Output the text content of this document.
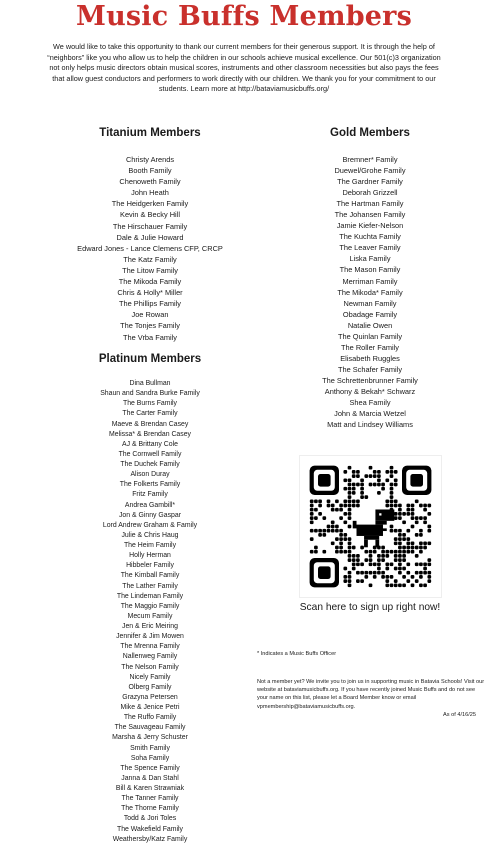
Music Buffs Members
We would like to take this opportunity to thank our current members for their generous support. It is through the help of “neighbors” like you who allow us to help the children in our schools achieve musical excellence. Our 501(c)3 organization not only helps music directors obtain musical scores, instruments and other classroom necessities but also pays the fees that allow guest conductors and performers to work directly with our children. We thank you for your commitment to our students. Learn more at http://bataviamusicbuffs.org/
Titanium Members
Christy Arends
Booth Family
Chenoweth Family
John Heath
The Heidgerken Family
Kevin & Becky Hill
The Hirschauer Family
Dale & Julie Howard
Edward Jones - Lance Clemens CFP, CRCP
The Katz Family
The Litow Family
The Mikoda Family
Chris & Holly* Miller
The Phillips Family
Joe Rowan
The Tonjes Family
The Vrba Family
Platinum Members
Dina Bullman
Shaun and Sandra Burke Family
The Burns Family
The Carter Family
Maeve & Brendan Casey
Melissa* & Brendan Casey
AJ & Brittany Cole
The Cornwell Family
The Duchek Family
Alison Duray
The Folkerts Family
Fritz Family
Andrea Gambill*
Jon & Ginny Gaspar
Lord Andrew Graham & Family
Julie & Chris Haug
The Heim Family
Holly Herman
Hibbeler Family
The Kimball Family
The Lather Family
The Lindeman Family
The Maggio Family
Mecum Family
Jen & Eric Meiring
Jennifer & Jim Mowen
The Mrenna Family
Nallenweg Family
The Nelson Family
Nicely Family
Olberg Family
Grazyna Petersen
Mike & Jenice Petri
The Ruffo Family
The Sauvageau Family
Marsha & Jerry Schuster
Smith Family
Soha Family
The Spence Family
Janna & Dan Stahl
Bill & Karen Strawniak
The Tanner Family
The Thorne Family
Todd & Jori Toles
The Wakefield Family
Weathersby/Katz Family
Gold Members
Bremner* Family
Duewel/Grohe Family
The Gardner Family
Deborah Grizzell
The Hartman Family
The Johansen Family
Jamie Kiefer-Nelson
The Kuchta Family
The Leaver Family
Liska Family
The Mason Family
Merriman Family
The Mikoda* Family
Newman Family
Obadage Family
Natalie Owen
The Quinlan Family
The Roller Family
Elisabeth Ruggles
The Schafer Family
The Schrettenbrunner Family
Anthony & Bekah* Schwarz
Shea Family
John & Marcia Wetzel
Matt and Lindsey Williams
Scan here to sign up right now!
* Indicates a Music Buffs Officer
Not a member yet? We invite you to join us in supporting music in Batavia Schools! Visit our website at bataviamusicbuffs.org. If you have recently joined Music Buffs and do not see your name on this list, please let a Board Member know or email vpmembership@bataviamusicbuffs.org.
As of 4/16/25
